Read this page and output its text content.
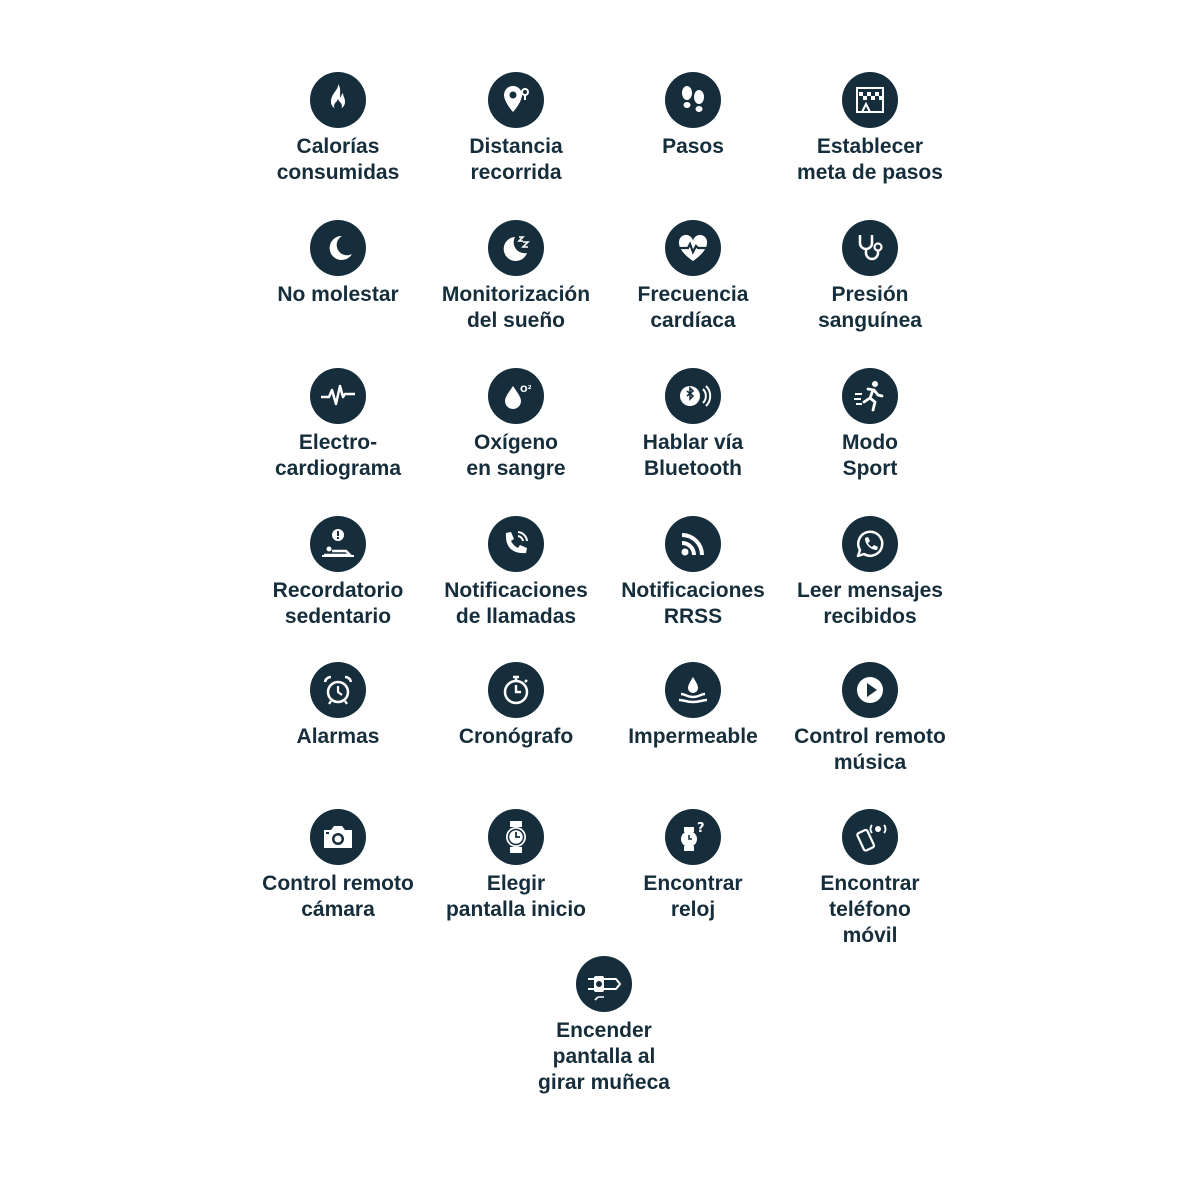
Calorías
consumidas
Distancia
recorrida
Pasos	Establecer
meta de pasos
No molestar Monitorización
del sueño
Frecuencia
cardíaca
Presión
sanguínea
Electro-
cardiograma
O²
Oxígeno
en sangre
Hablar vía
Bluetooth
Modo
Sport
Recordatorio
sedentario
Notificaciones
de llamadas
Notificaciones
RRSS
Leer mensajes
recibidos
Alarmas	Cronógrafo	Impermeable Control remoto
música
Control remoto
cámara
Elegir
pantalla inicio
?
Encontrar
reloj
Encontrar
teléfono
móvil
Encender
pantalla al
girar muñeca
